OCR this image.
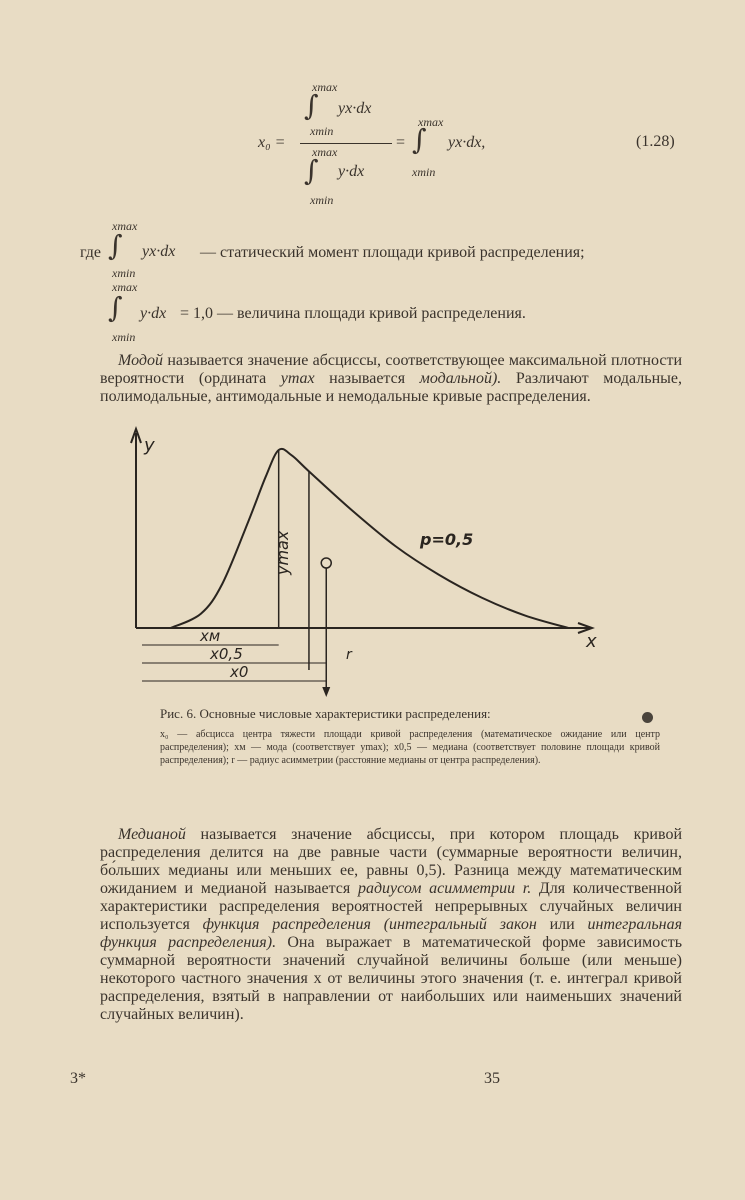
x₀ =
xmax
∫ yx·dx
xmin
xmax
∫ y·dx
xmin
=
xmax
∫ yx·dx,
xmin
(1.28)
где
xmax
∫ yx·dx
xmin
— статический момент площади кривой распределения;
xmax
∫ y·dx
xmin
= 1,0 — величина площади кривой распределения.
Модой называется значение абсциссы, соответствующее максимальной плотности вероятности (ордината ymax называется модальной). Различают модальные, полимодальные, антимодальные и немодальные кривые распределения.
y
x
p=0,5
ymax
xм
x0,5
x0
r
Рис. 6. Основные числовые характеристики распределения:
x₀ — абсцисса центра тяжести площади кривой распределения (математическое ожидание или центр распределения); xм — мода (соответствует ymax); x0,5 — медиана (соответствует половине площади кривой распределения); r — радиус асимметрии (расстояние медианы от центра распределения).
Медианой называется значение абсциссы, при котором площадь кривой распределения делится на две равные части (суммарные вероятности величин, бо́льших медианы или меньших ее, равны 0,5). Разница между математическим ожиданием и медианой называется радиусом асимметрии r. Для количественной характеристики распределения вероятностей непрерывных случайных величин используется функция распределения (интегральный закон или интегральная функция распределения). Она выражает в математической форме зависимость суммарной вероятности значений случайной величины больше (или меньше) некоторого частного значения x от величины этого значения (т. е. интеграл кривой распределения, взятый в направлении от наибольших или наименьших значений случайных величин).
3*	35
